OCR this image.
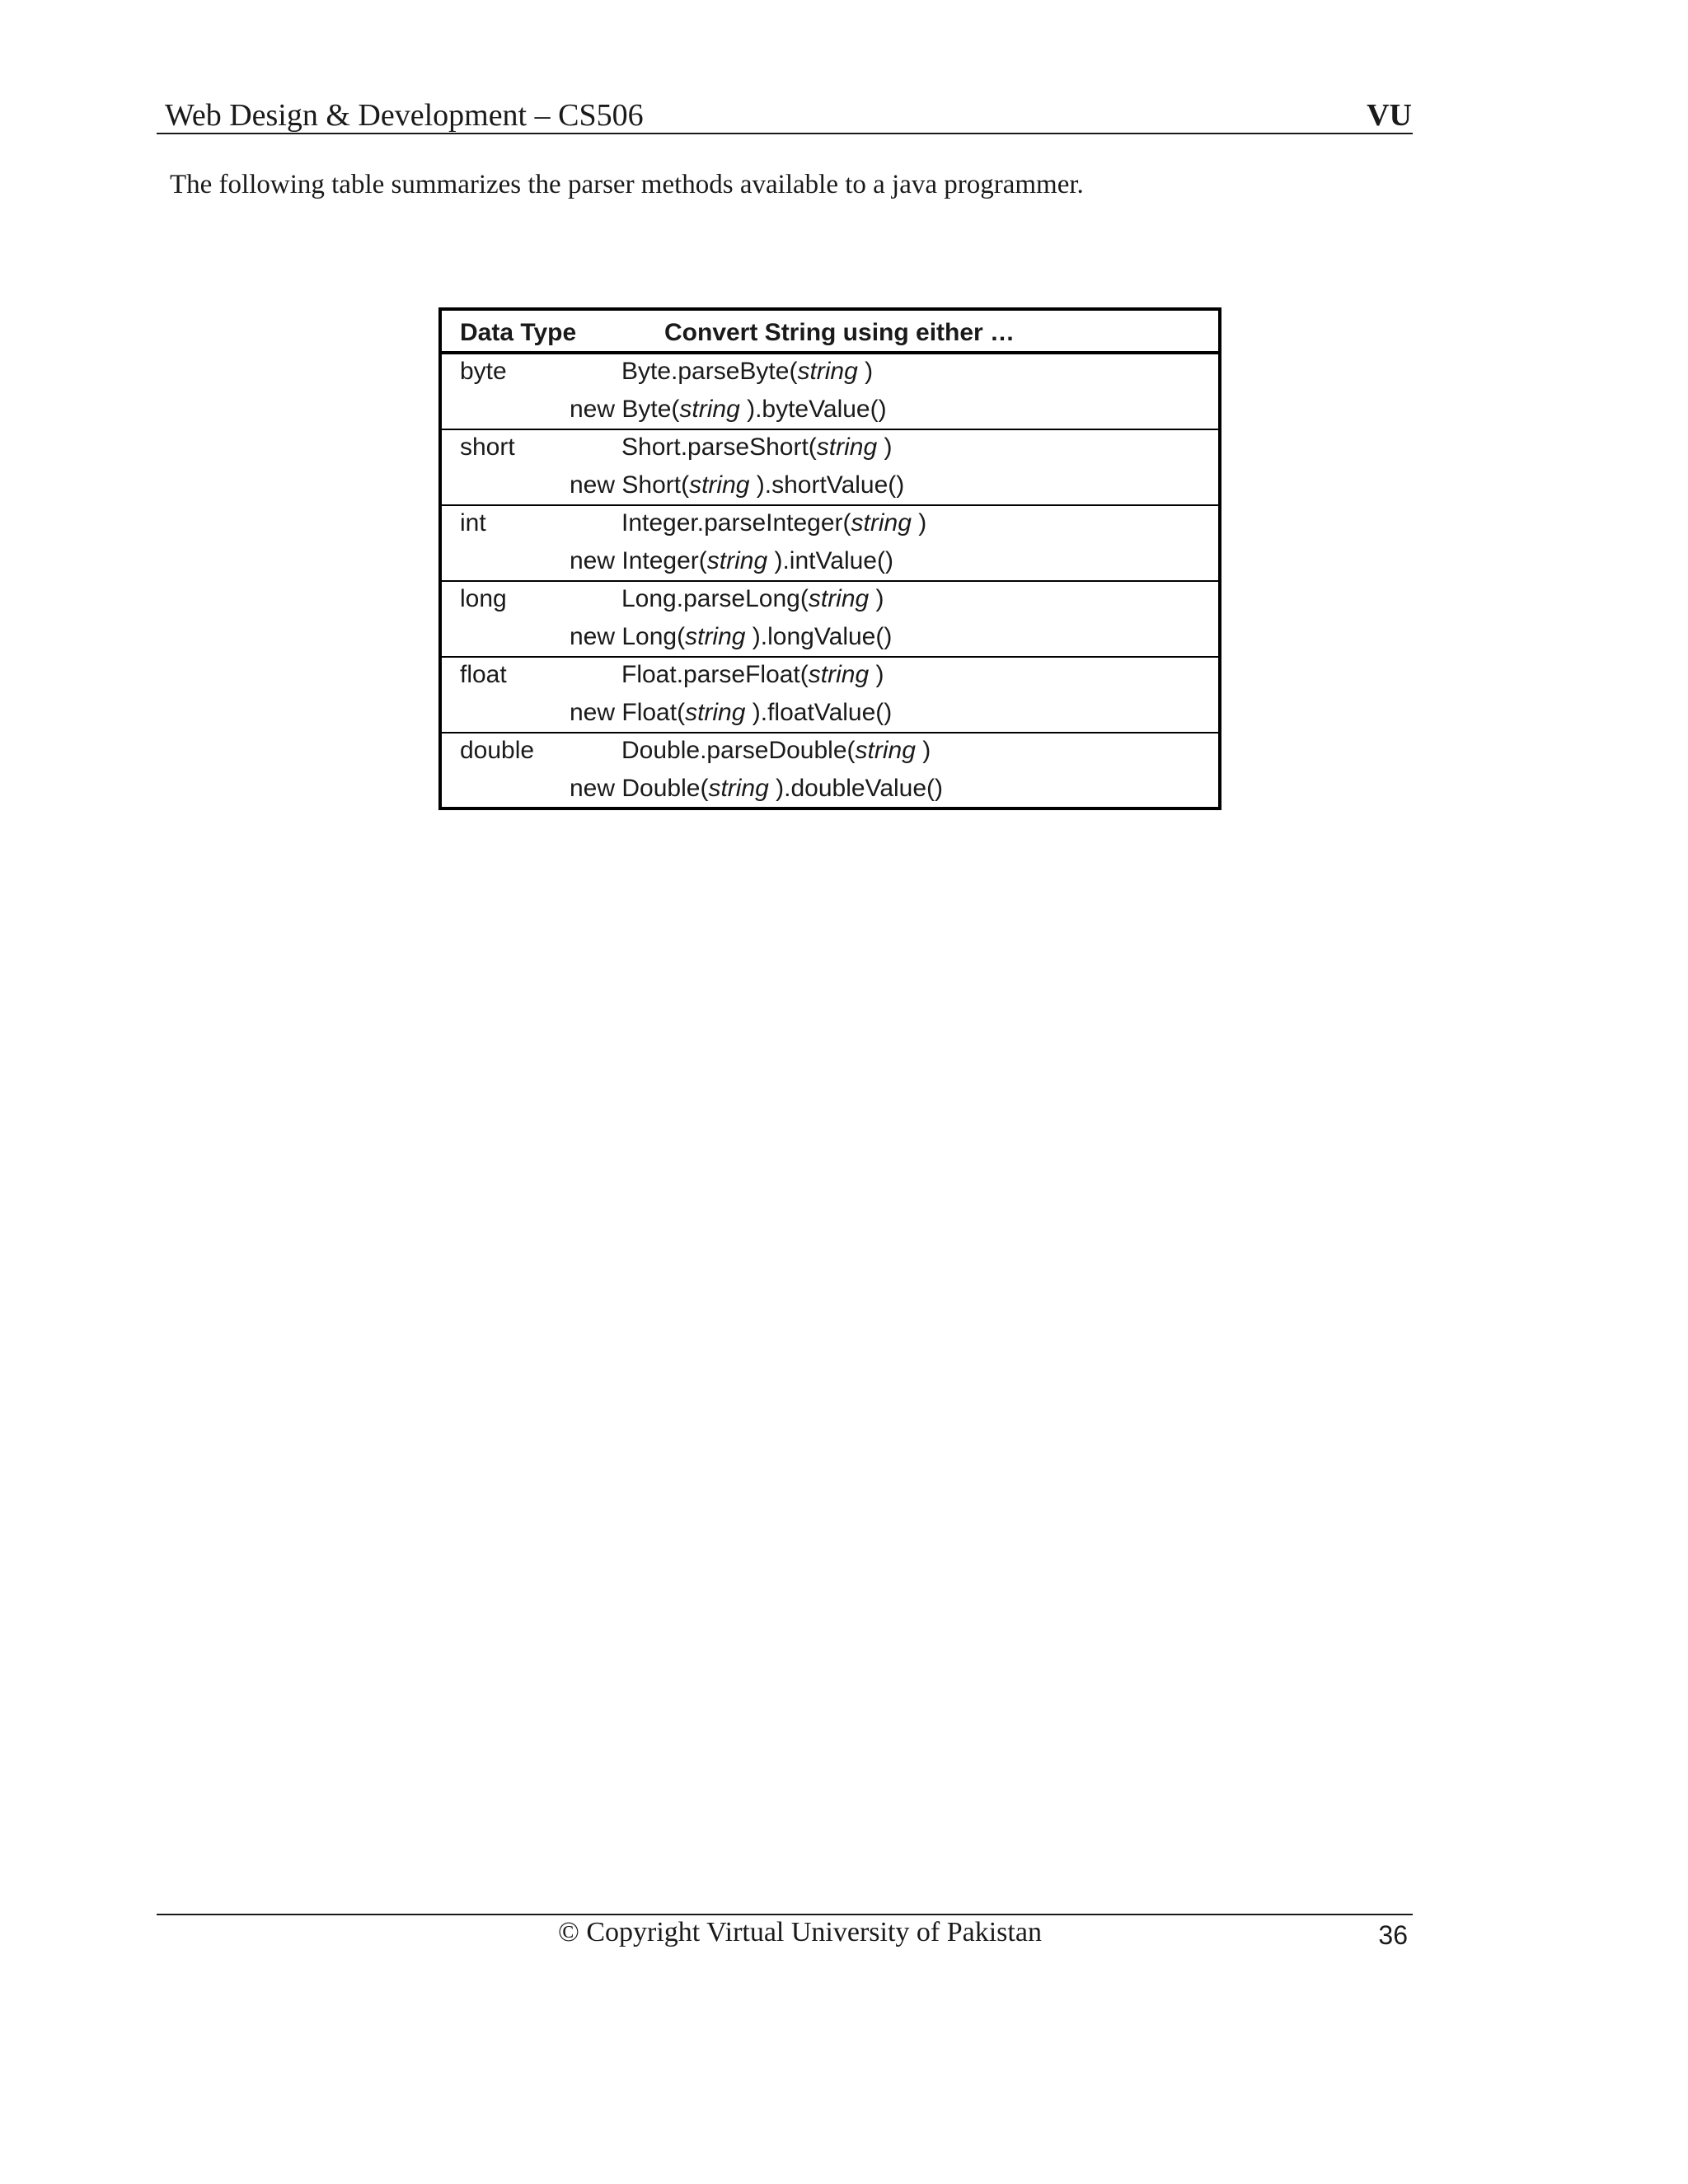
Web Design & Development – CS506	VU
The following table summarizes the parser methods available to a java programmer.
Data Type	Convert String using either …
byte	Byte.parseByte(string )
new Byte(string ).byteValue()
short	Short.parseShort(string )
new Short(string ).shortValue()
int	Integer.parseInteger(string )
new Integer(string ).intValue()
long	Long.parseLong(string )
new Long(string ).longValue()
float	Float.parseFloat(string )
new Float(string ).floatValue()
double	Double.parseDouble(string )
new Double(string ).doubleValue()
© Copyright Virtual University of Pakistan	36
